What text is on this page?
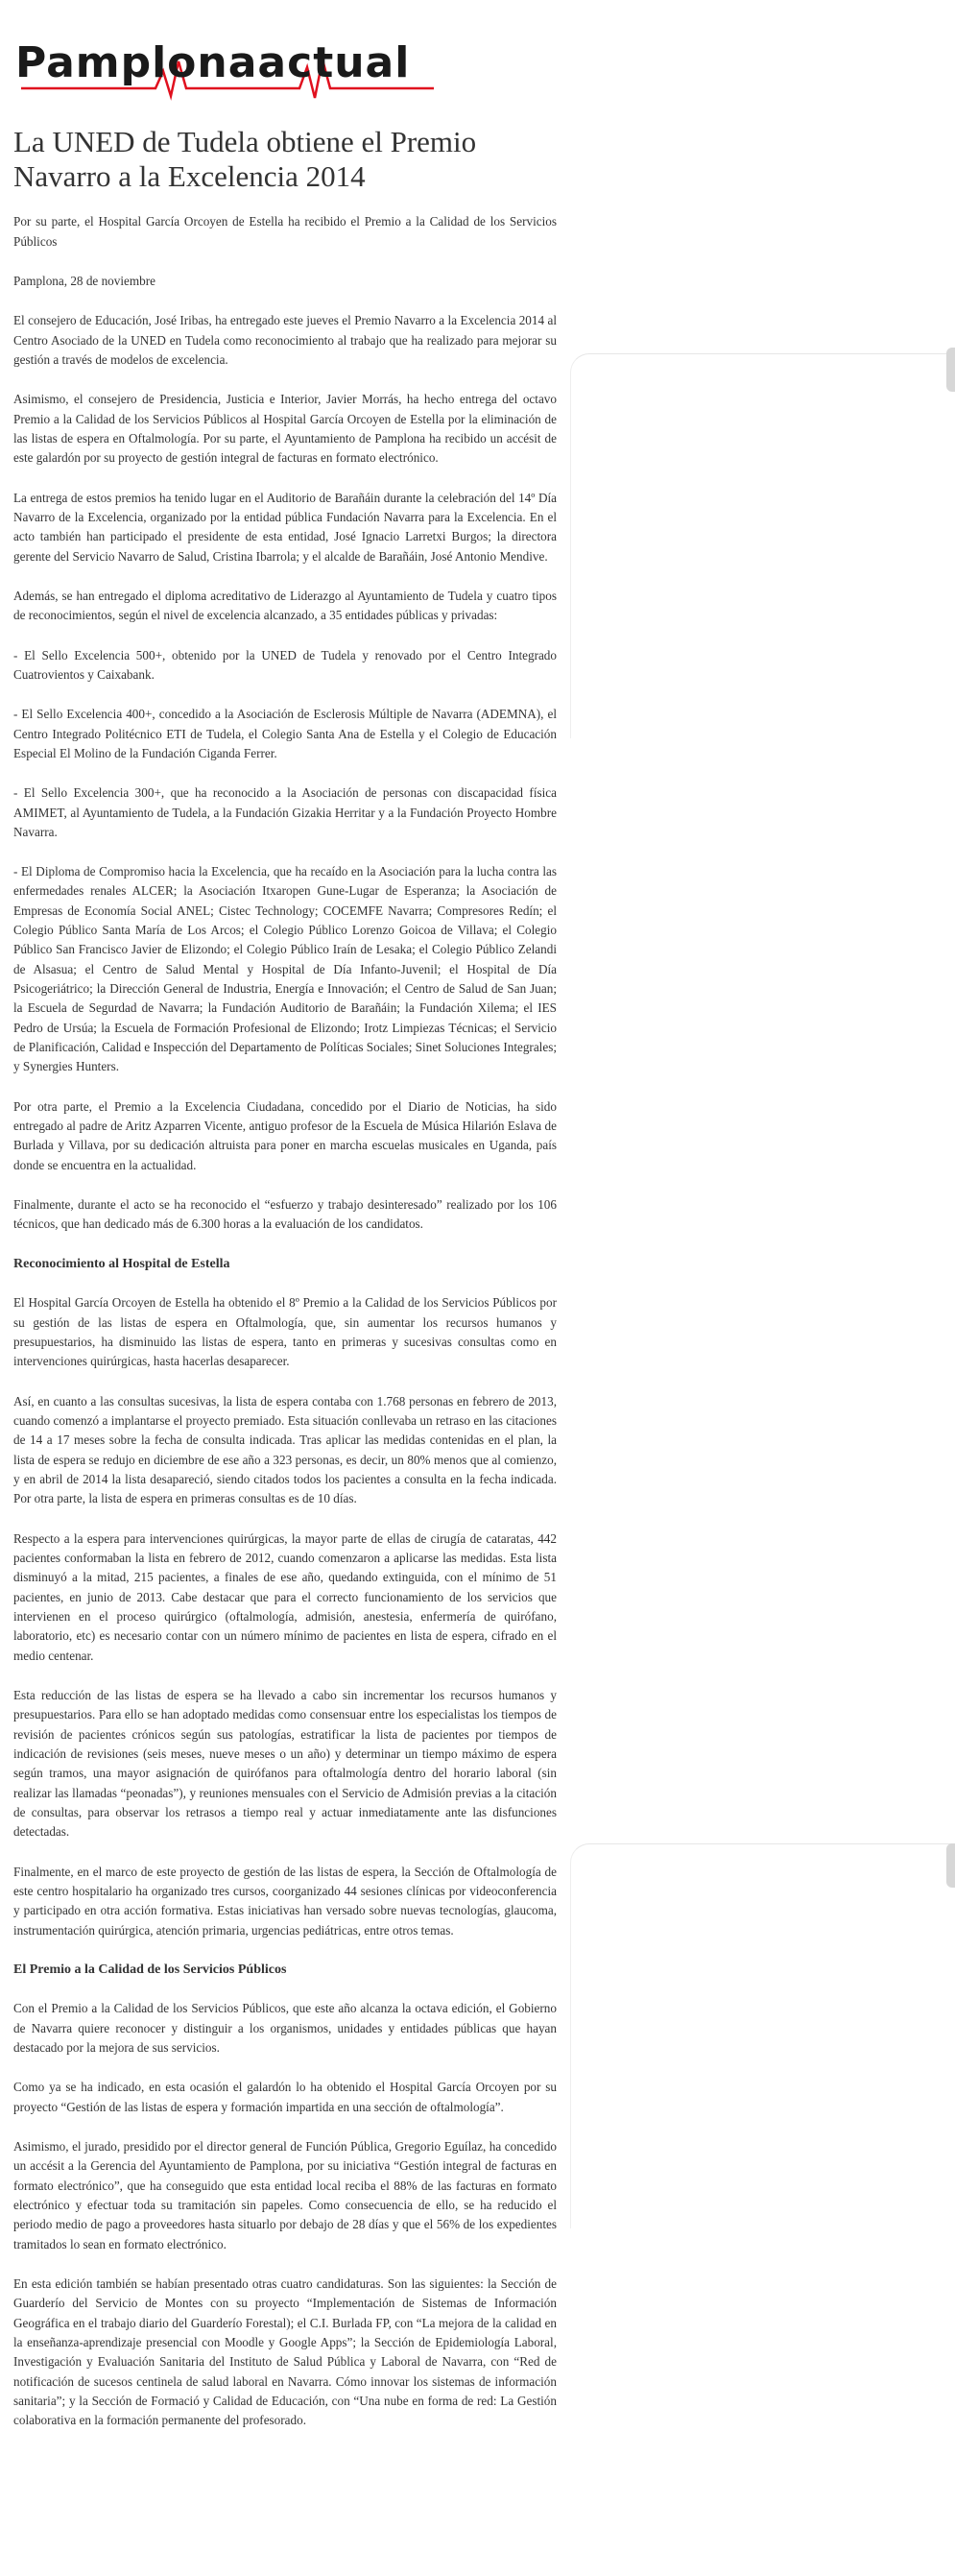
Pamplonaactual
La UNED de Tudela obtiene el Premio Navarro a la Excelencia 2014

Por su parte, el Hospital García Orcoyen de Estella ha recibido el Premio a la Calidad de los Servicios Públicos

Pamplona, 28 de noviembre

El consejero de Educación, José Iribas, ha entregado este jueves el Premio Navarro a la Excelencia 2014 al Centro Asociado de la UNED en Tudela como reconocimiento al trabajo que ha realizado para mejorar su gestión a través de modelos de excelencia.

Asimismo, el consejero de Presidencia, Justicia e Interior, Javier Morrás, ha hecho entrega del octavo Premio a la Calidad de los Servicios Públicos al Hospital García Orcoyen de Estella por la eliminación de las listas de espera en Oftalmología. Por su parte, el Ayuntamiento de Pamplona ha recibido un accésit de este galardón por su proyecto de gestión integral de facturas en formato electrónico.

La entrega de estos premios ha tenido lugar en el Auditorio de Barañáin durante la celebración del 14º Día Navarro de la Excelencia, organizado por la entidad pública Fundación Navarra para la Excelencia. En el acto también han participado el presidente de esta entidad, José Ignacio Larretxi Burgos; la directora gerente del Servicio Navarro de Salud, Cristina Ibarrola; y el alcalde de Barañáin, José Antonio Mendive.

Además, se han entregado el diploma acreditativo de Liderazgo al Ayuntamiento de Tudela y cuatro tipos de reconocimientos, según el nivel de excelencia alcanzado, a 35 entidades públicas y privadas:

- El Sello Excelencia 500+, obtenido por la UNED de Tudela y renovado por el Centro Integrado Cuatrovientos y Caixabank.

- El Sello Excelencia 400+, concedido a la Asociación de Esclerosis Múltiple de Navarra (ADEMNA), el Centro Integrado Politécnico ETI de Tudela, el Colegio Santa Ana de Estella y el Colegio de Educación Especial El Molino de la Fundación Ciganda Ferrer.

- El Sello Excelencia 300+, que ha reconocido a la Asociación de personas con discapacidad física AMIMET, al Ayuntamiento de Tudela, a la Fundación Gizakia Herritar y a la Fundación Proyecto Hombre Navarra.

- El Diploma de Compromiso hacia la Excelencia, que ha recaído en la Asociación para la lucha contra las enfermedades renales ALCER; la Asociación Itxaropen Gune-Lugar de Esperanza; la Asociación de Empresas de Economía Social ANEL; Cistec Technology; COCEMFE Navarra; Compresores Redín; el Colegio Público Santa María de Los Arcos; el Colegio Público Lorenzo Goicoa de Villava; el Colegio Público San Francisco Javier de Elizondo; el Colegio Público Iraín de Lesaka; el Colegio Público Zelandi de Alsasua; el Centro de Salud Mental y Hospital de Día Infanto-Juvenil; el Hospital de Día Psicogeriátrico; la Dirección General de Industria, Energía e Innovación; el Centro de Salud de San Juan; la Escuela de Segurdad de Navarra; la Fundación Auditorio de Barañáin; la Fundación Xilema; el IES Pedro de Ursúa; la Escuela de Formación Profesional de Elizondo; Irotz Limpiezas Técnicas; el Servicio de Planificación, Calidad e Inspección del Departamento de Políticas Sociales; Sinet Soluciones Integrales; y Synergies Hunters.

Por otra parte, el Premio a la Excelencia Ciudadana, concedido por el Diario de Noticias, ha sido entregado al padre de Aritz Azparren Vicente, antiguo profesor de la Escuela de Música Hilarión Eslava de Burlada y Villava, por su dedicación altruista para poner en marcha escuelas musicales en Uganda, país donde se encuentra en la actualidad.

Finalmente, durante el acto se ha reconocido el “esfuerzo y trabajo desinteresado” realizado por los 106 técnicos, que han dedicado más de 6.300 horas a la evaluación de los candidatos.

Reconocimiento al Hospital de Estella

El Hospital García Orcoyen de Estella ha obtenido el 8º Premio a la Calidad de los Servicios Públicos por su gestión de las listas de espera en Oftalmología, que, sin aumentar los recursos humanos y presupuestarios, ha disminuido las listas de espera, tanto en primeras y sucesivas consultas como en intervenciones quirúrgicas, hasta hacerlas desaparecer.

Así, en cuanto a las consultas sucesivas, la lista de espera contaba con 1.768 personas en febrero de 2013, cuando comenzó a implantarse el proyecto premiado. Esta situación conllevaba un retraso en las citaciones de 14 a 17 meses sobre la fecha de consulta indicada. Tras aplicar las medidas contenidas en el plan, la lista de espera se redujo en diciembre de ese año a 323 personas, es decir, un 80% menos que al comienzo, y en abril de 2014 la lista desapareció, siendo citados todos los pacientes a consulta en la fecha indicada. Por otra parte, la lista de espera en primeras consultas es de 10 días.

Respecto a la espera para intervenciones quirúrgicas, la mayor parte de ellas de cirugía de cataratas, 442 pacientes conformaban la lista en febrero de 2012, cuando comenzaron a aplicarse las medidas. Esta lista disminuyó a la mitad, 215 pacientes, a finales de ese año, quedando extinguida, con el mínimo de 51 pacientes, en junio de 2013. Cabe destacar que para el correcto funcionamiento de los servicios que intervienen en el proceso quirúrgico (oftalmología, admisión, anestesia, enfermería de quirófano, laboratorio, etc) es necesario contar con un número mínimo de pacientes en lista de espera, cifrado en el medio centenar.

Esta reducción de las listas de espera se ha llevado a cabo sin incrementar los recursos humanos y presupuestarios. Para ello se han adoptado medidas como consensuar entre los especialistas los tiempos de revisión de pacientes crónicos según sus patologías, estratificar la lista de pacientes por tiempos de indicación de revisiones (seis meses, nueve meses o un año) y determinar un tiempo máximo de espera según tramos, una mayor asignación de quirófanos para oftalmología dentro del horario laboral (sin realizar las llamadas “peonadas”), y reuniones mensuales con el Servicio de Admisión previas a la citación de consultas, para observar los retrasos a tiempo real y actuar inmediatamente ante las disfunciones detectadas.

Finalmente, en el marco de este proyecto de gestión de las listas de espera, la Sección de Oftalmología de este centro hospitalario ha organizado tres cursos, coorganizado 44 sesiones clínicas por videoconferencia y participado en otra acción formativa. Estas iniciativas han versado sobre nuevas tecnologías, glaucoma, instrumentación quirúrgica, atención primaria, urgencias pediátricas, entre otros temas.

El Premio a la Calidad de los Servicios Públicos

Con el Premio a la Calidad de los Servicios Públicos, que este año alcanza la octava edición, el Gobierno de Navarra quiere reconocer y distinguir a los organismos, unidades y entidades públicas que hayan destacado por la mejora de sus servicios.

Como ya se ha indicado, en esta ocasión el galardón lo ha obtenido el Hospital García Orcoyen por su proyecto “Gestión de las listas de espera y formación impartida en una sección de oftalmología”.

Asimismo, el jurado, presidido por el director general de Función Pública, Gregorio Eguílaz, ha concedido un accésit a la Gerencia del Ayuntamiento de Pamplona, por su iniciativa “Gestión integral de facturas en formato electrónico”, que ha conseguido que esta entidad local reciba el 88% de las facturas en formato electrónico y efectuar toda su tramitación sin papeles. Como consecuencia de ello, se ha reducido el periodo medio de pago a proveedores hasta situarlo por debajo de 28 días y que el 56% de los expedientes tramitados lo sean en formato electrónico.

En esta edición también se habían presentado otras cuatro candidaturas. Son las siguientes: la Sección de Guarderío del Servicio de Montes con su proyecto “Implementación de Sistemas de Información Geográfica en el trabajo diario del Guarderío Forestal); el C.I. Burlada FP, con “La mejora de la calidad en la enseñanza-aprendizaje presencial con Moodle y Google Apps”; la Sección de Epidemiología Laboral, Investigación y Evaluación Sanitaria del Instituto de Salud Pública y Laboral de Navarra, con “Red de notificación de sucesos centinela de salud laboral en Navarra. Cómo innovar los sistemas de información sanitaria”; y la Sección de Formació y Calidad de Educación, con “Una nube en forma de red: La Gestión colaborativa en la formación permanente del profesorado.
